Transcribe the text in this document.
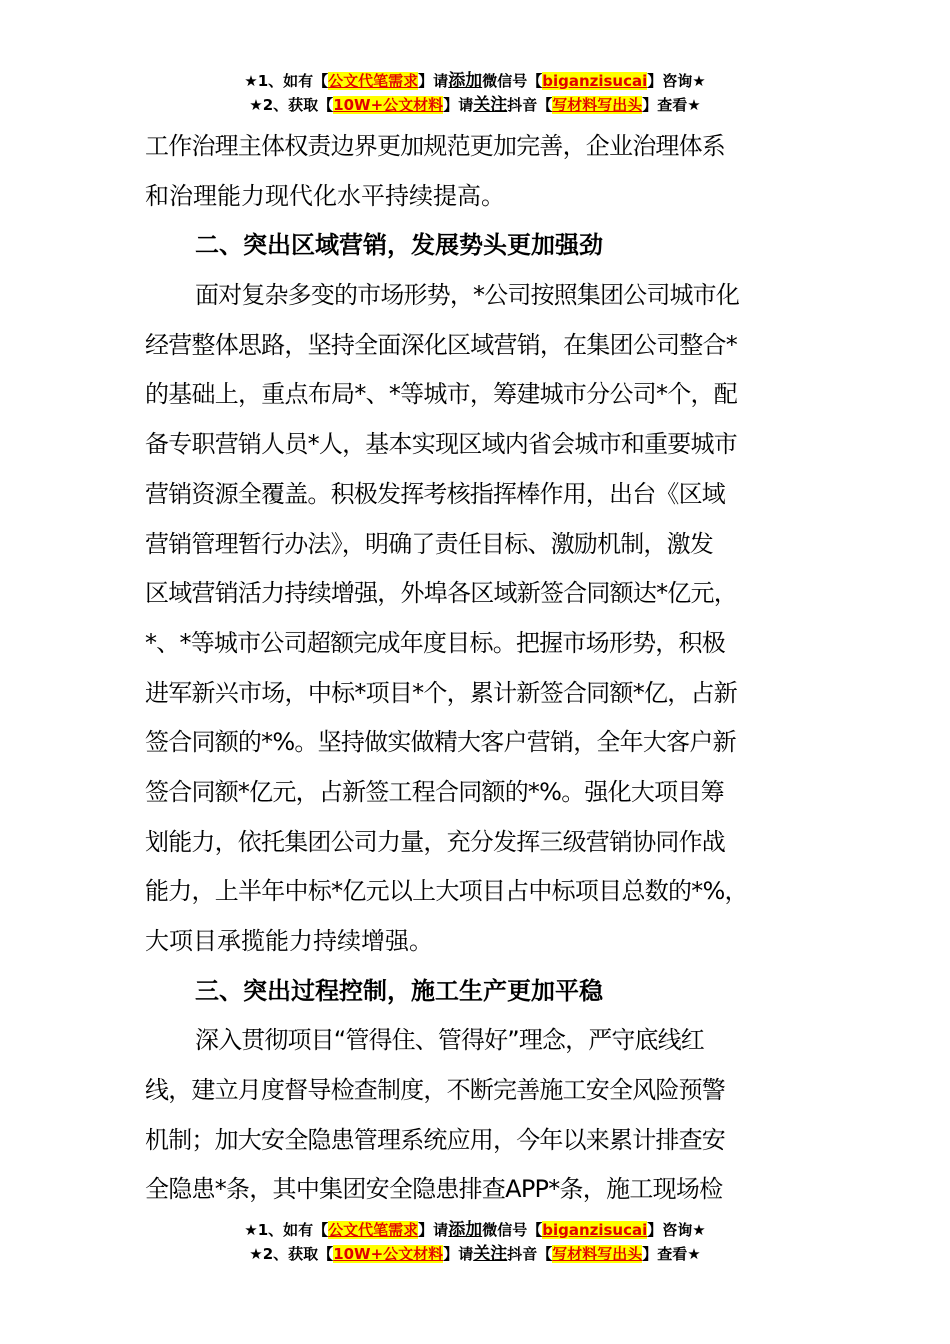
★1、如有【公文代笔需求】请添加微信号【biganzisucai】咨询★
★2、获取【10W+公文材料】请关注抖音【写材料写出头】查看★
工作治理主体权责边界更加规范更加完善，企业治理体系
和治理能力现代化水平持续提高。
二、突出区域营销，发展势头更加强劲
面对复杂多变的市场形势，*公司按照集团公司城市化
经营整体思路，坚持全面深化区域营销，在集团公司整合*
的基础上，重点布局*、*等城市，筹建城市分公司*个，配
备专职营销人员*人，基本实现区域内省会城市和重要城市
营销资源全覆盖。积极发挥考核指挥棒作用，出台《区域
营销管理暂行办法》，明确了责任目标、激励机制，激发
区域营销活力持续增强，外埠各区域新签合同额达*亿元，
*、*等城市公司超额完成年度目标。把握市场形势，积极
进军新兴市场，中标*项目*个，累计新签合同额*亿，占新
签合同额的*%。坚持做实做精大客户营销，全年大客户新
签合同额*亿元，占新签工程合同额的*%。强化大项目筹
划能力，依托集团公司力量，充分发挥三级营销协同作战
能力，上半年中标*亿元以上大项目占中标项目总数的*%，
大项目承揽能力持续增强。
三、突出过程控制，施工生产更加平稳
深入贯彻项目“管得住、管得好”理念，严守底线红
线，建立月度督导检查制度，不断完善施工安全风险预警
机制；加大安全隐患管理系统应用，今年以来累计排查安
全隐患*条，其中集团安全隐患排查APP*条，施工现场检
★1、如有【公文代笔需求】请添加微信号【biganzisucai】咨询★
★2、获取【10W+公文材料】请关注抖音【写材料写出头】查看★
